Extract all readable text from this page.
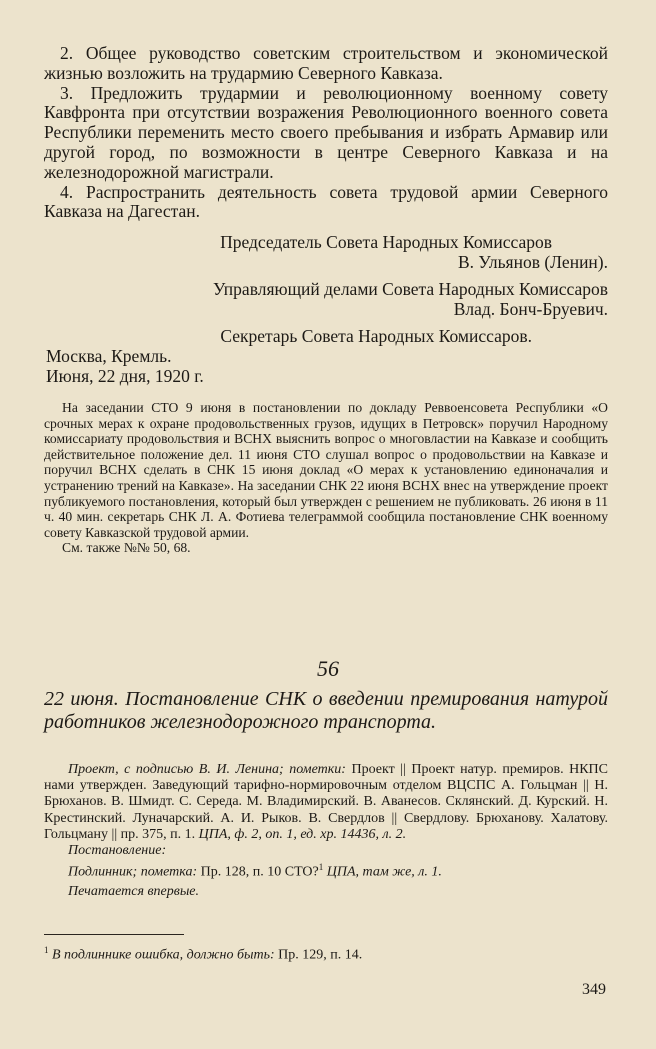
2. Общее руководство советским строительством и экономической жизнью возложить на трудармию Северного Кавказа.

3. Предложить трудармии и революционному военному совету Кавфронта при отсутствии возражения Революционного военного совета Республики переменить место своего пребывания и избрать Армавир или другой город, по возможности в центре Северного Кавказа и на железнодорожной магистрали.

4. Распространить деятельность совета трудовой армии Северного Кавказа на Дагестан.

Председатель Совета Народных Комиссаров

В. Ульянов (Ленин).

Управляющий делами Совета Народных Комиссаров

Влад. Бонч-Бруевич.

Секретарь Совета Народных Комиссаров.

Москва, Кремль.

Июня, 22 дня, 1920 г.

На заседании СТО 9 июня в постановлении по докладу Реввоенсовета Республики «О срочных мерах к охране продовольственных грузов, идущих в Петровск» поручил Народному комиссариату продовольствия и ВСНХ выяснить вопрос о многовластии на Кавказе и сообщить действительное положение дел. 11 июня СТО слушал вопрос о продовольствии на Кавказе и поручил ВСНХ сделать в СНК 15 июня доклад «О мерах к установлению единоначалия и устранению трений на Кавказе». На заседании СНК 22 июня ВСНХ внес на утверждение проект публикуемого постановления, который был утвержден с решением не публиковать. 26 июня в 11 ч. 40 мин. секретарь СНК Л. А. Фотиева телеграммой сообщила постановление СНК военному совету Кавказской трудовой армии.

См. также №№ 50, 68.

56

22 июня. Постановление СНК о введении премирования натурой работников железнодорожного транспорта.

Проект, с подписью В. И. Ленина; пометки: Проект || Проект натур. премиров. НКПС нами утвержден. Заведующий тарифно-нормировочным отделом ВЦСПС А. Гольцман || Н. Брюханов. В. Шмидт. С. Середа. М. Владимирский. В. Аванесов. Склянский. Д. Курский. Н. Крестинский. Луначарский. А. И. Рыков. В. Свердлов || Свердлову. Брюханову. Халатову. Гольцману || пр. 375, п. 1. ЦПА, ф. 2, оп. 1, ед. хр. 14436, л. 2.

Постановление:

Подлинник; пометка: Пр. 128, п. 10 СТО?$^1$ ЦПА, там же, л. 1.

Печатается впервые.

$^1$ В подлиннике ошибка, должно быть: Пр. 129, п. 14.
349
